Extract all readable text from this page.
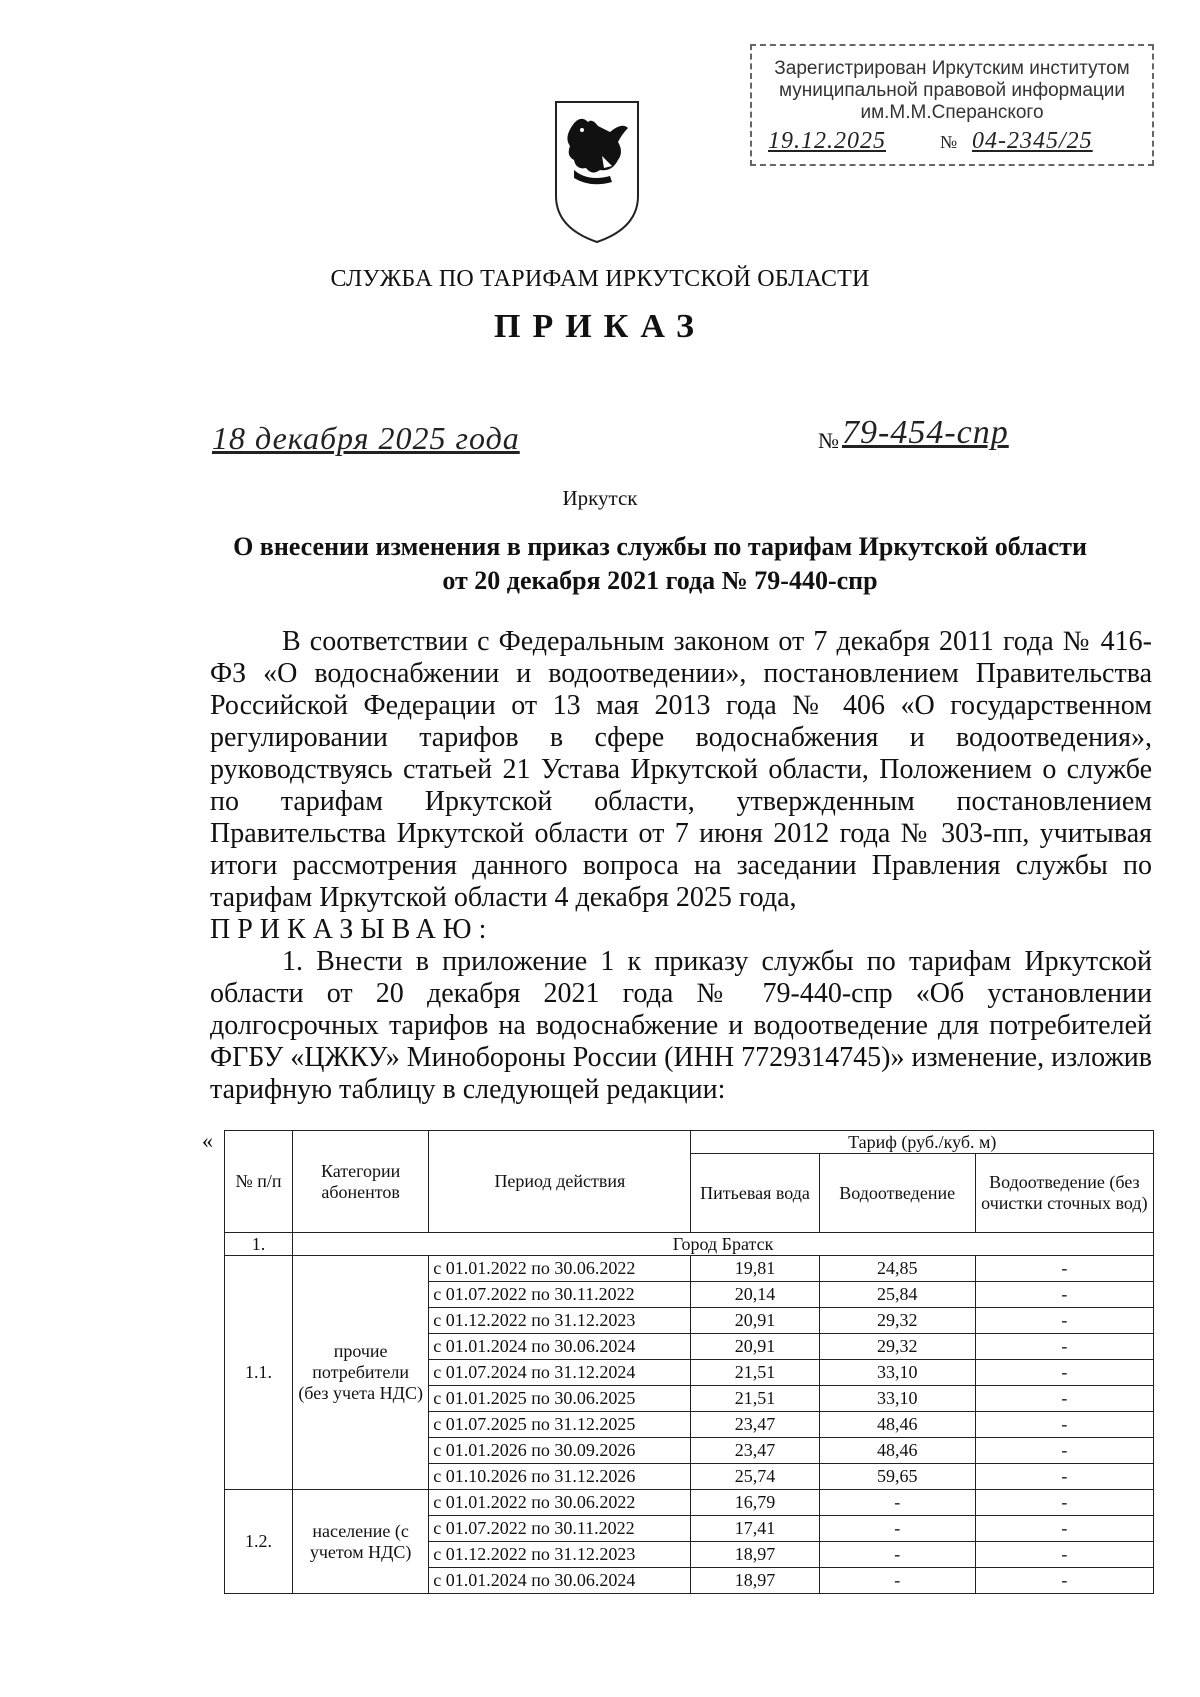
Зарегистрирован Иркутским институтом
муниципальной правовой информации
им.М.М.Сперанского
19.12.2025	№ 04-2345/25
СЛУЖБА ПО ТАРИФАМ ИРКУТСКОЙ ОБЛАСТИ
ПРИКАЗ
18 декабря 2025 года	№ 79-454-спр
Иркутск
О внесении изменения в приказ службы по тарифам Иркутской области
от 20 декабря 2021 года № 79-440-спр

В соответствии с Федеральным законом от 7 декабря 2011 года № 416-ФЗ «О водоснабжении и водоотведении», постановлением Правительства Российской Федерации от 13 мая 2013 года № 406 «О государственном регулировании тарифов в сфере водоснабжения и водоотведения», руководствуясь статьей 21 Устава Иркутской области, Положением о службе по тарифам Иркутской области, утвержденным постановлением Правительства Иркутской области от 7 июня 2012 года № 303-пп, учитывая итоги рассмотрения данного вопроса на заседании Правления службы по тарифам Иркутской области 4 декабря 2025 года,

ПРИКАЗЫВАЮ:

1. Внести в приложение 1 к приказу службы по тарифам Иркутской области от 20 декабря 2021 года № 79-440-спр «Об установлении долгосрочных тарифов на водоснабжение и водоотведение для потребителей ФГБУ «ЦЖКУ» Минобороны России (ИНН 7729314745)» изменение, изложив тарифную таблицу в следующей редакции:

«
№ п/п	Категории абонентов	Период действия	Тариф (руб./куб. м)		
			Питьевая вода	Водоотведение	Водоотведение (без очистки сточных вод)
1.	Город Братск				
1.1.	прочие потребители (без учета НДС)	с 01.01.2022 по 30.06.2022	19,81	24,85	-
		с 01.07.2022 по 30.11.2022	20,14	25,84	-
		с 01.12.2022 по 31.12.2023	20,91	29,32	-
		с 01.01.2024 по 30.06.2024	20,91	29,32	-
		с 01.07.2024 по 31.12.2024	21,51	33,10	-
		с 01.01.2025 по 30.06.2025	21,51	33,10	-
		с 01.07.2025 по 31.12.2025	23,47	48,46	-
		с 01.01.2026 по 30.09.2026	23,47	48,46	-
		с 01.10.2026 по 31.12.2026	25,74	59,65	-
1.2.	население (с учетом НДС)	с 01.01.2022 по 30.06.2022	16,79	-	-
		с 01.07.2022 по 30.11.2022	17,41	-	-
		с 01.12.2022 по 31.12.2023	18,97	-	-
		с 01.01.2024 по 30.06.2024	18,97	-	-
